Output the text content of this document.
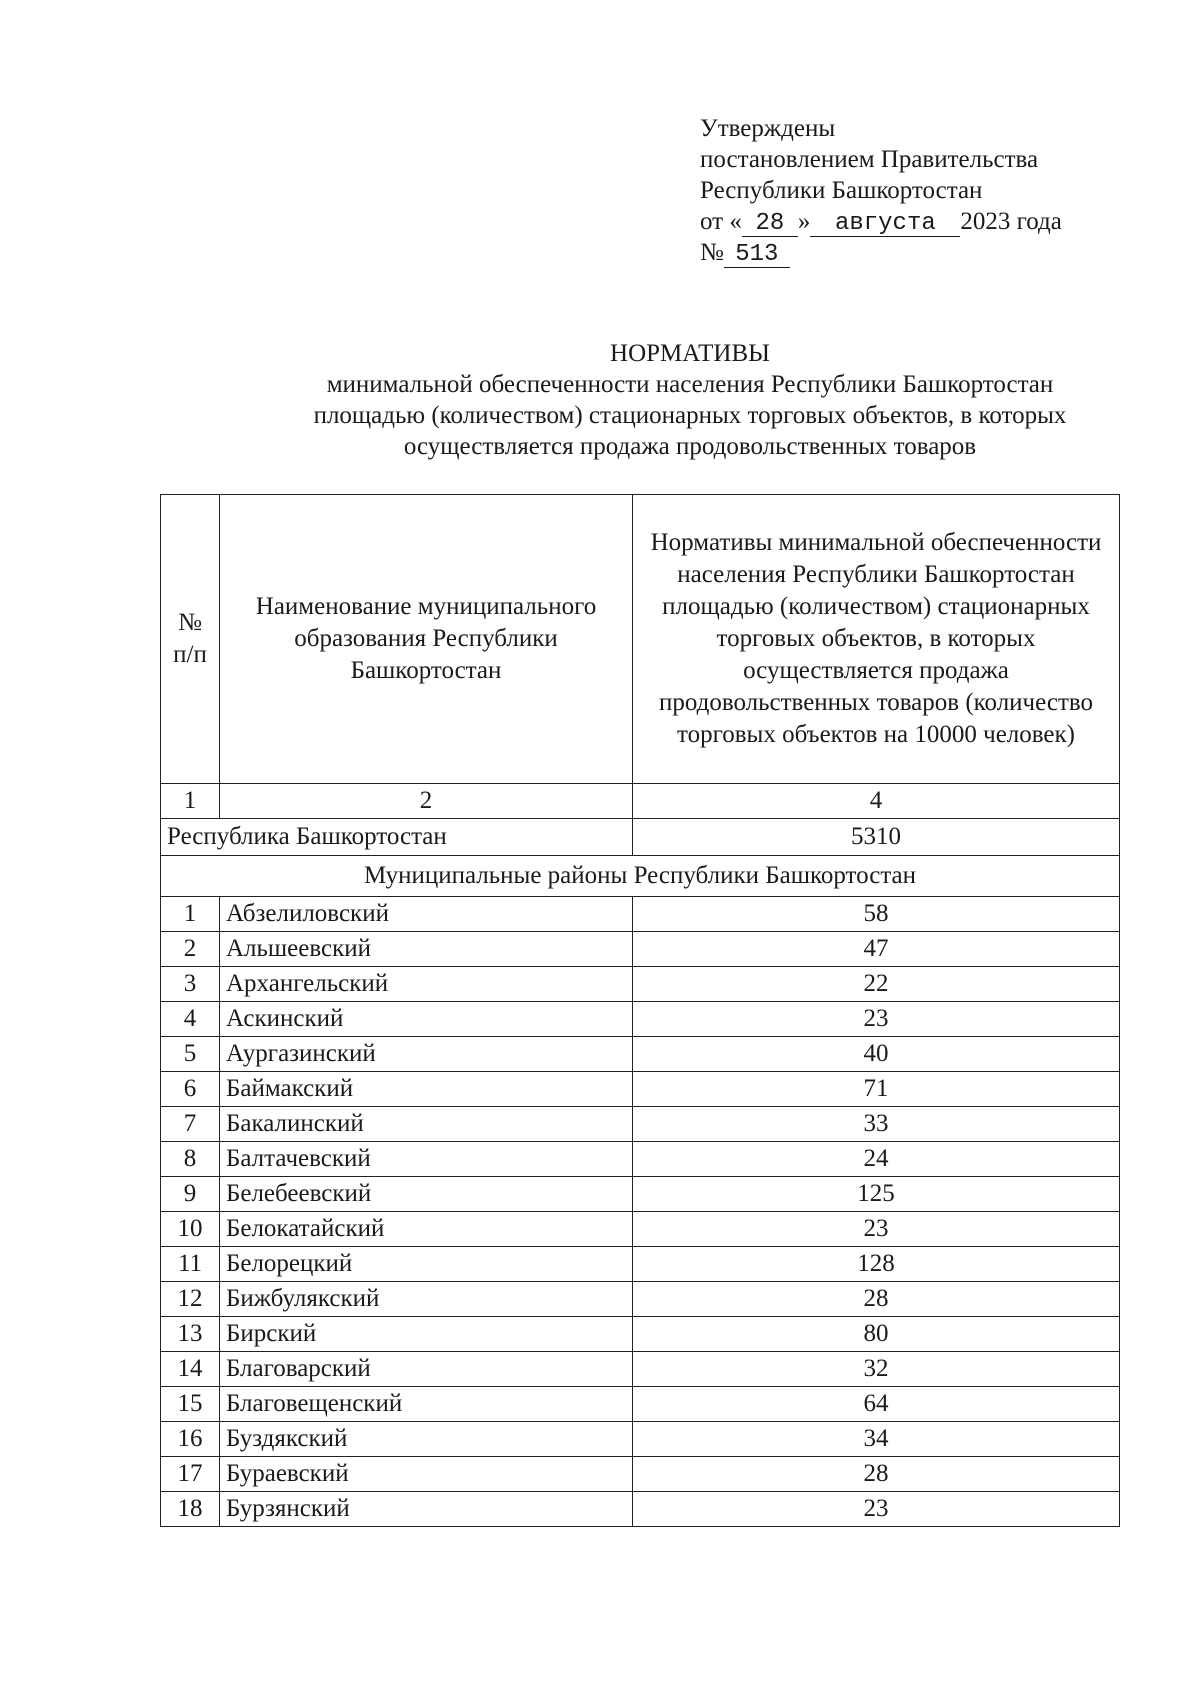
Утверждены
постановлением Правительства
Республики Башкортостан
от « 28 » августа 2023 года
№ 513
НОРМАТИВЫ
минимальной обеспеченности населения Республики Башкортостан
площадью (количеством) стационарных торговых объектов, в которых
осуществляется продажа продовольственных товаров
№ п/п	Наименование муниципального образования Республики Башкортостан	Нормативы минимальной обеспеченности населения Республики Башкортостан площадью (количеством) стационарных торговых объектов, в которых осуществляется продажа продовольственных товаров (количество торговых объектов на 10000 человек)
1	2	4
Республика Башкортостан		5310
Муниципальные районы Республики Башкортостан		
1	Абзелиловский	58
2	Альшеевский	47
3	Архангельский	22
4	Аскинский	23
5	Аургазинский	40
6	Баймакский	71
7	Бакалинский	33
8	Балтачевский	24
9	Белебеевский	125
10	Белокатайский	23
11	Белорецкий	128
12	Бижбулякский	28
13	Бирский	80
14	Благоварский	32
15	Благовещенский	64
16	Буздякский	34
17	Бураевский	28
18	Бурзянский	23
